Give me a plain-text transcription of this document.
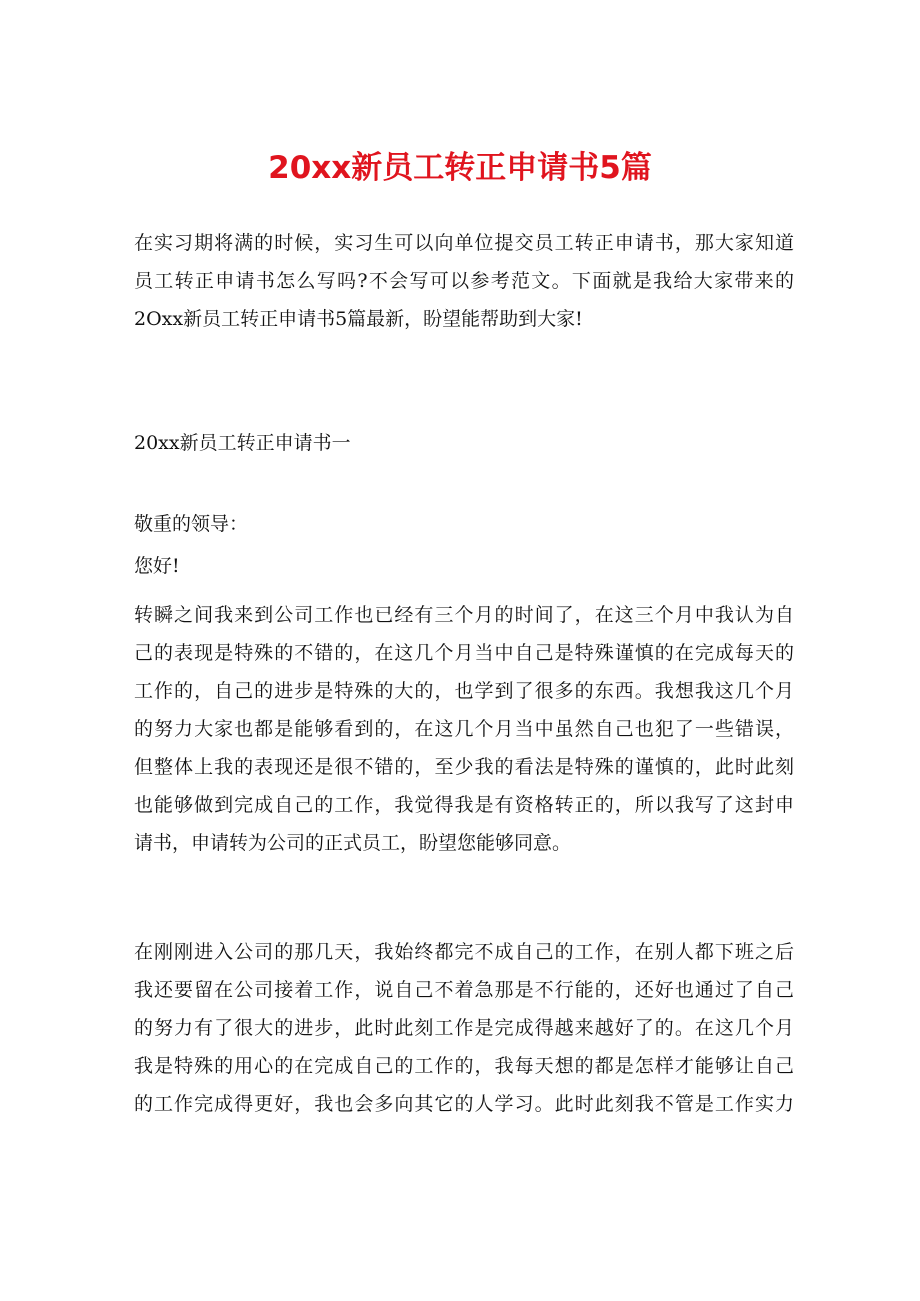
20xx新员工转正申请书5篇
在实习期将满的时候，实习生可以向单位提交员工转正申请书，那大家知道
员工转正申请书怎么写吗?不会写可以参考范文。下面就是我给大家带来的
2Oxx新员工转正申请书5篇最新，盼望能帮助到大家!
20xx新员工转正申请书一
敬重的领导：
您好!
转瞬之间我来到公司工作也已经有三个月的时间了，在这三个月中我认为自
己的表现是特殊的不错的，在这几个月当中自己是特殊谨慎的在完成每天的
工作的，自己的进步是特殊的大的，也学到了很多的东西。我想我这几个月
的努力大家也都是能够看到的，在这几个月当中虽然自己也犯了一些错误，
但整体上我的表现还是很不错的，至少我的看法是特殊的谨慎的，此时此刻
也能够做到完成自己的工作，我觉得我是有资格转正的，所以我写了这封申
请书，申请转为公司的正式员工，盼望您能够同意。
在刚刚进入公司的那几天，我始终都完不成自己的工作，在别人都下班之后
我还要留在公司接着工作，说自己不着急那是不行能的，还好也通过了自己
的努力有了很大的进步，此时此刻工作是完成得越来越好了的。在这几个月
我是特殊的用心的在完成自己的工作的，我每天想的都是怎样才能够让自己
的工作完成得更好，我也会多向其它的人学习。此时此刻我不管是工作实力
